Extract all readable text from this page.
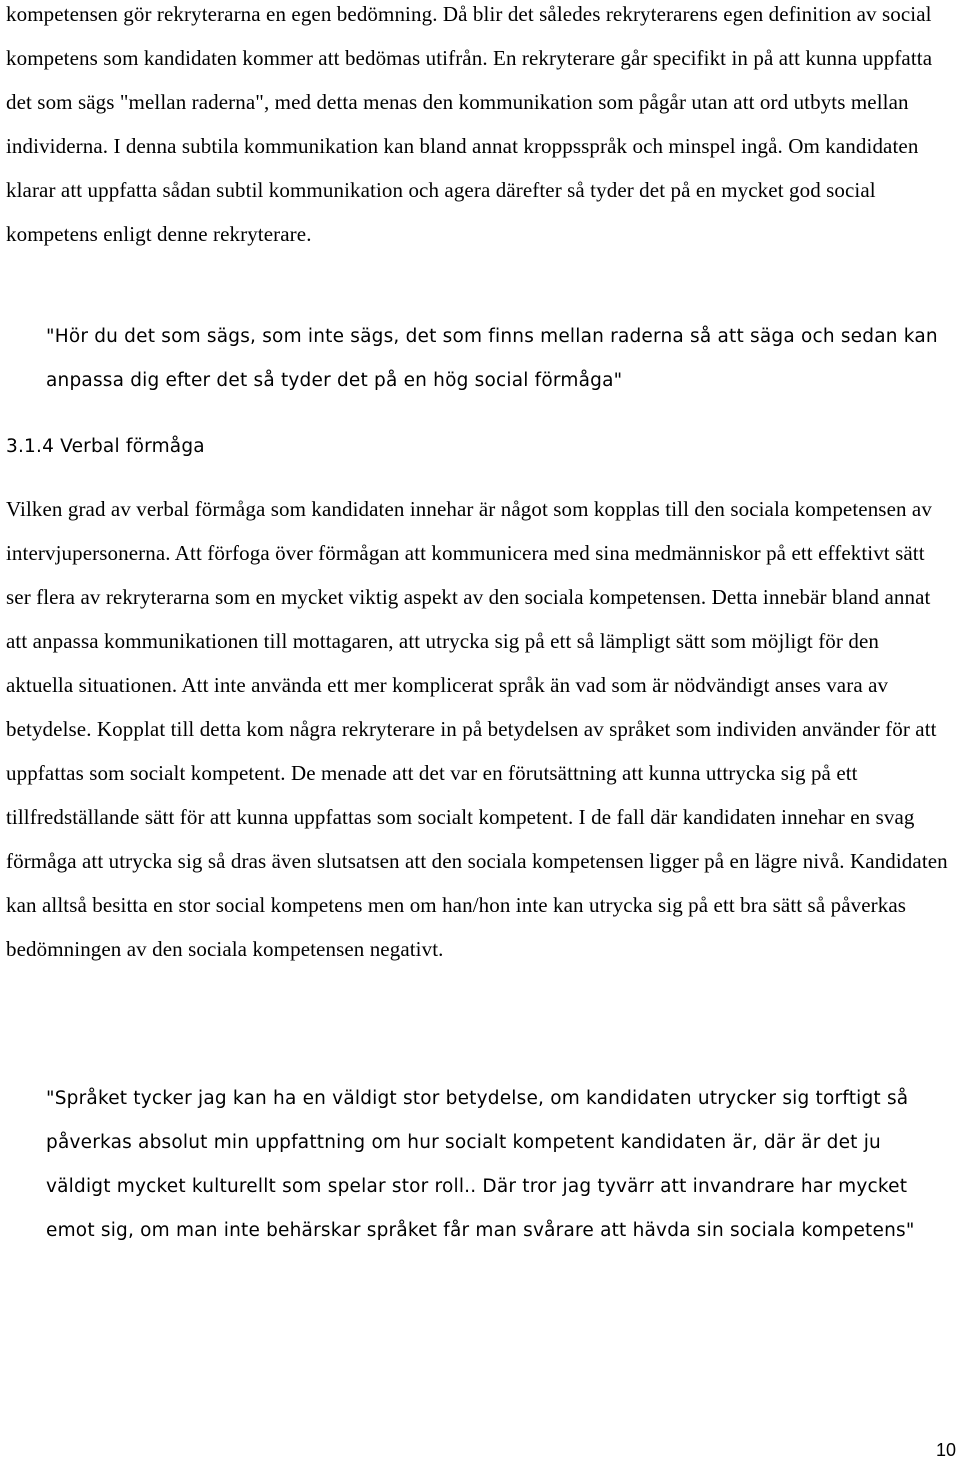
kompetensen gör rekryterarna en egen bedömning. Då blir det således rekryterarens egen definition av social kompetens som kandidaten kommer att bedömas utifrån. En rekryterare går specifikt in på att kunna uppfatta det som sägs "mellan raderna", med detta menas den kommunikation som pågår utan att ord utbyts mellan individerna. I denna subtila kommunikation kan bland annat kroppsspråk och minspel ingå. Om kandidaten klarar att uppfatta sådan subtil kommunikation och agera därefter så tyder det på en mycket god social kompetens enligt denne rekryterare.

"Hör du det som sägs, som inte sägs, det som finns mellan raderna så att säga och sedan kan anpassa dig efter det så tyder det på en hög social förmåga"

3.1.4 Verbal förmåga

Vilken grad av verbal förmåga som kandidaten innehar är något som kopplas till den sociala kompetensen av intervjupersonerna. Att förfoga över förmågan att kommunicera med sina medmänniskor på ett effektivt sätt ser flera av rekryterarna som en mycket viktig aspekt av den sociala kompetensen. Detta innebär bland annat att anpassa kommunikationen till mottagaren, att utrycka sig på ett så lämpligt sätt som möjligt för den aktuella situationen. Att inte använda ett mer komplicerat språk än vad som är nödvändigt anses vara av betydelse. Kopplat till detta kom några rekryterare in på betydelsen av språket som individen använder för att uppfattas som socialt kompetent. De menade att det var en förutsättning att kunna uttrycka sig på ett tillfredställande sätt för att kunna uppfattas som socialt kompetent. I de fall där kandidaten innehar en svag förmåga att utrycka sig så dras även slutsatsen att den sociala kompetensen ligger på en lägre nivå. Kandidaten kan alltså besitta en stor social kompetens men om han/hon inte kan utrycka sig på ett bra sätt så påverkas bedömningen av den sociala kompetensen negativt.

"Språket tycker jag kan ha en väldigt stor betydelse, om kandidaten utrycker sig torftigt så påverkas absolut min uppfattning om hur socialt kompetent kandidaten är, där är det ju väldigt mycket kulturellt som spelar stor roll.. Där tror jag tyvärr att invandrare har mycket emot sig, om man inte behärskar språket får man svårare att hävda sin sociala kompetens"

10
